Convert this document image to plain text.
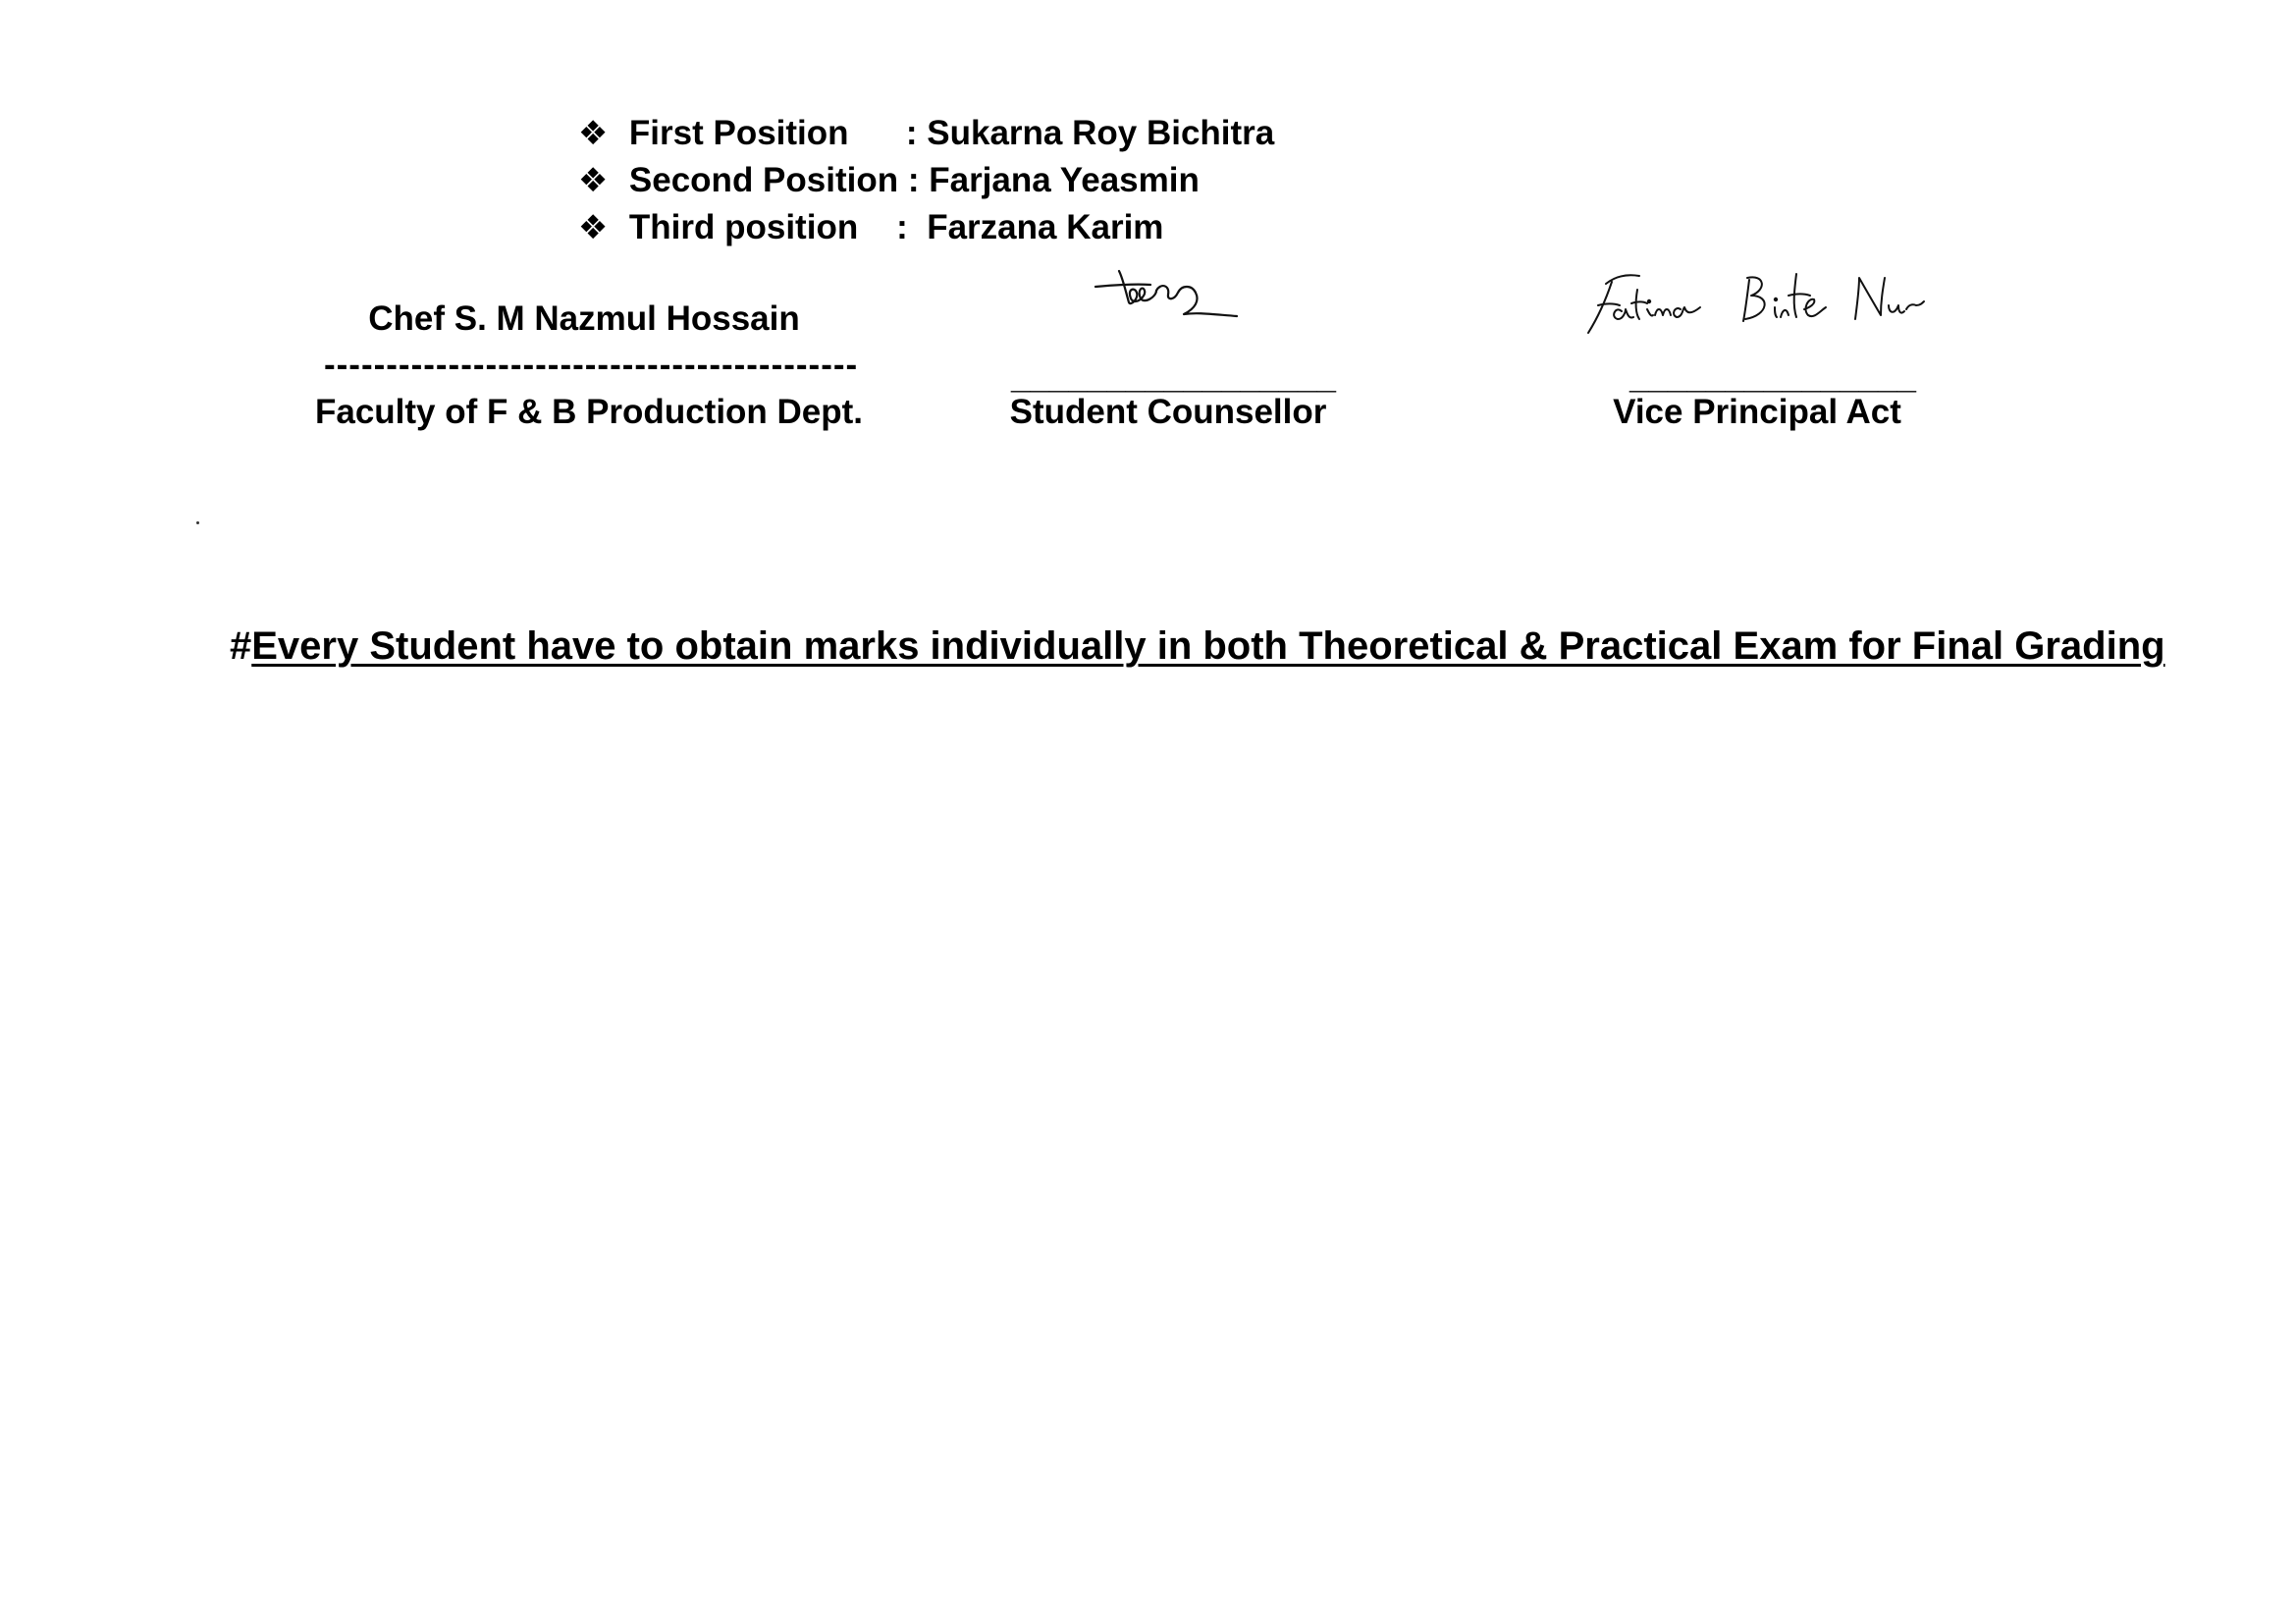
❖ First Position      : Sukarna Roy Bichitra

❖ Second Position : Farjana Yeasmin

❖ Third position    :  Farzana Karim

Chef S. M Nazmul Hossain
-------------------------------------------
Faculty of F & B Production Dept.
_________________
Student Counsellor
_______________
Vice Principal Act
#Every Student have to obtain marks individually in both Theoretical & Practical Exam for Final Grading
